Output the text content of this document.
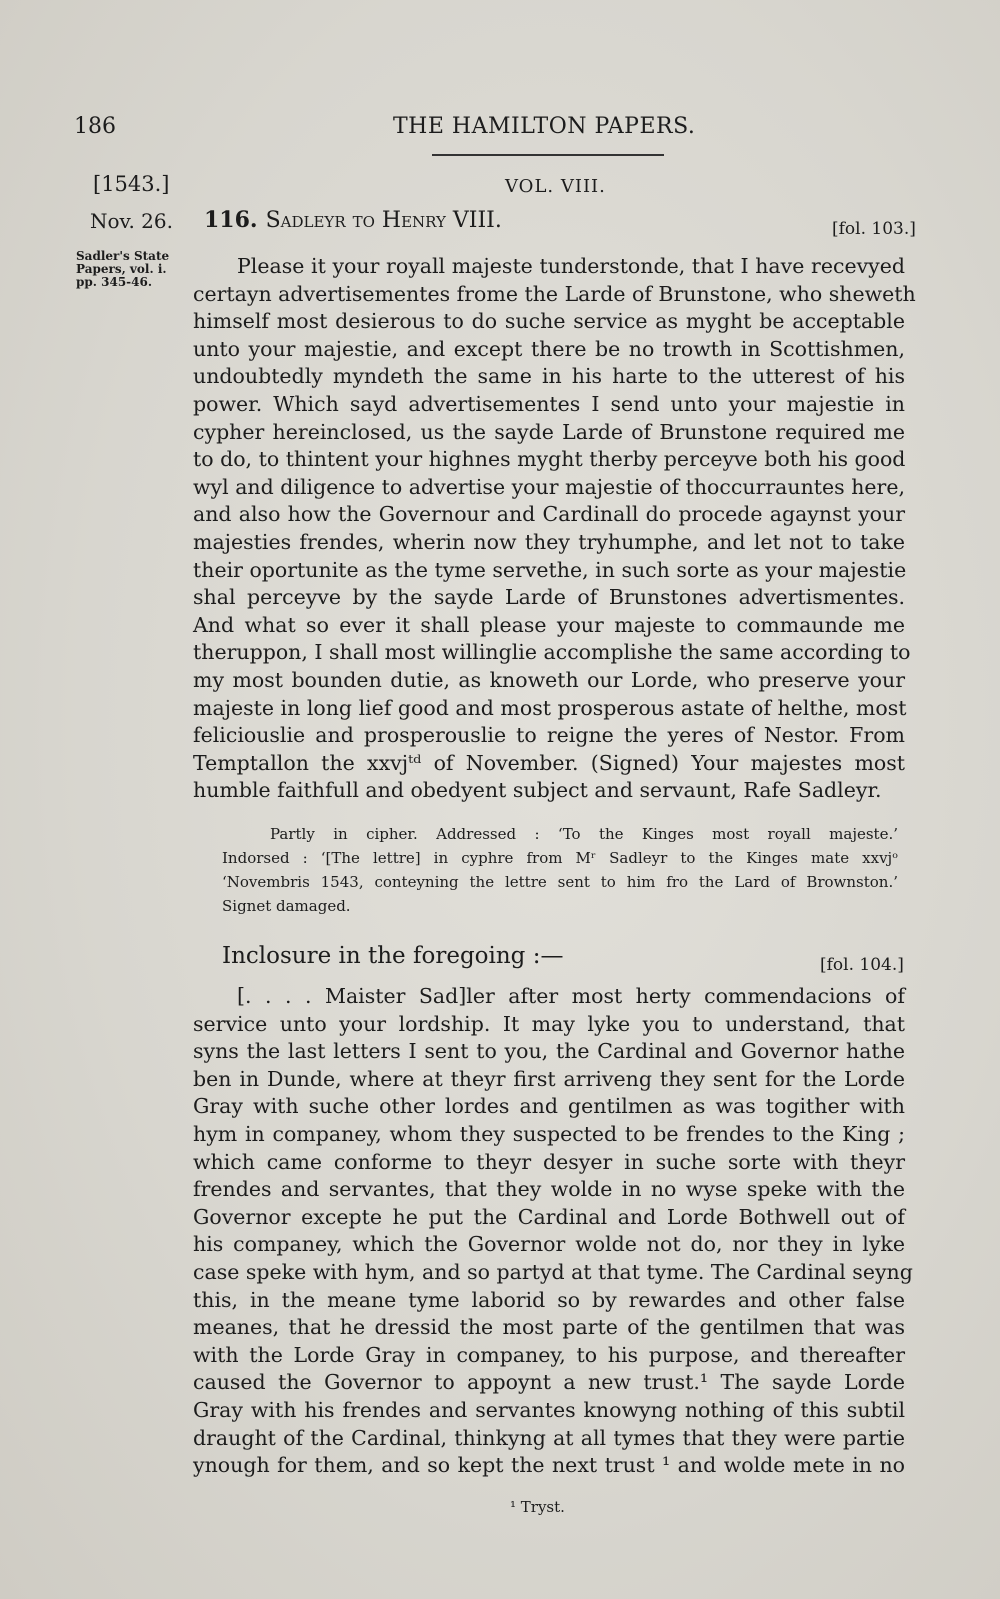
186	THE HAMILTON PAPERS.
[1543.]	VOL. VIII.
Nov. 26. 116. Sadleyr to Henry VIII.	[fol. 103.]
Sadler's State
Papers, vol. i.
pp. 345-46.
Please it your royall majeste tunderstonde, that I have recevyed
certayn advertisementes frome the Larde of Brunstone, who sheweth
himself most desierous to do suche service as myght be acceptable
unto your majestie, and except there be no trowth in Scottishmen,
undoubtedly myndeth the same in his harte to the utterest of his
power. Which sayd advertisementes I send unto your majestie in
cypher hereinclosed, us the sayde Larde of Brunstone required me
to do, to thintent your highnes myght therby perceyve both his good
wyl and diligence to advertise your majestie of thoccurrauntes here,
and also how the Governour and Cardinall do procede agaynst your
majesties frendes, wherin now they tryhumphe, and let not to take
their oportunite as the tyme servethe, in such sorte as your majestie
shal perceyve by the sayde Larde of Brunstones advertismentes.
And what so ever it shall please your majeste to commaunde me
theruppon, I shall most willinglie accomplishe the same according to
my most bounden dutie, as knoweth our Lorde, who preserve your
majeste in long lief good and most prosperous astate of helthe, most
feliciouslie and prosperouslie to reigne the yeres of Nestor. From
Temptallon the xxvjᵗᵈ of November. (Signed) Your majestes most
humble faithfull and obedyent subject and servaunt, Rafe Sadleyr.
Partly in cipher. Addressed : ‘To the Kinges most royall majeste.’
Indorsed : ‘[The lettre] in cyphre from Mʳ Sadleyr to the Kinges mate xxvjᵒ
‘Novembris 1543, conteyning the lettre sent to him fro the Lard of Brownston.’
Signet damaged.
Inclosure in the foregoing :—	[fol. 104.]
[. . . . Maister Sad]ler after most herty commendacions of
service unto your lordship. It may lyke you to understand, that
syns the last letters I sent to you, the Cardinal and Governor hathe
ben in Dunde, where at theyr first arriveng they sent for the Lorde
Gray with suche other lordes and gentilmen as was togither with
hym in companey, whom they suspected to be frendes to the King ;
which came conforme to theyr desyer in suche sorte with theyr
frendes and servantes, that they wolde in no wyse speke with the
Governor excepte he put the Cardinal and Lorde Bothwell out of
his companey, which the Governor wolde not do, nor they in lyke
case speke with hym, and so partyd at that tyme. The Cardinal seyng
this, in the meane tyme laborid so by rewardes and other false
meanes, that he dressid the most parte of the gentilmen that was
with the Lorde Gray in companey, to his purpose, and thereafter
caused the Governor to appoynt a new trust.¹ The sayde Lorde
Gray with his frendes and servantes knowyng nothing of this subtil
draught of the Cardinal, thinkyng at all tymes that they were partie
ynough for them, and so kept the next trust ¹ and wolde mete in no
¹ Tryst.
